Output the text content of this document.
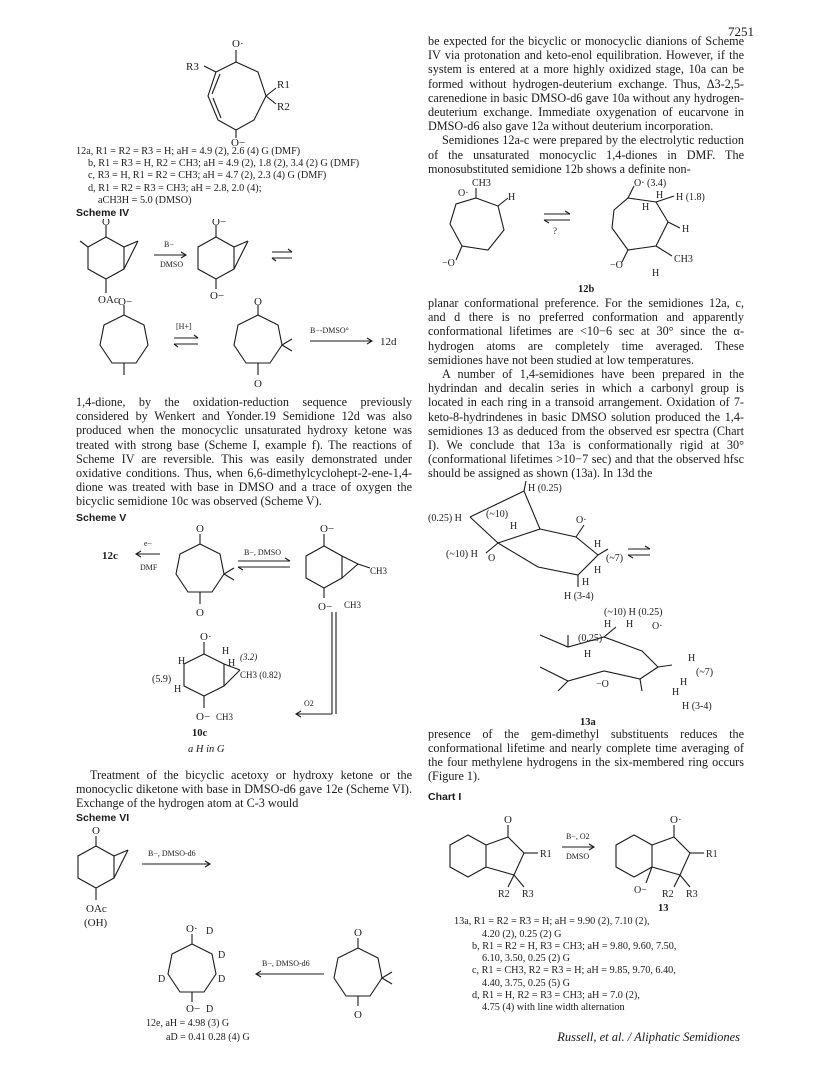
7251
O·
R3
R1
R2
O−
12a, R1 = R2 = R3 = H; aH = 4.9 (2), 2.6 (4) G (DMF)
b, R1 = R3 = H, R2 = CH3; aH = 4.9 (2), 1.8 (2), 3.4 (2) G (DMF)
c, R3 = H, R1 = R2 = CH3; aH = 4.7 (2), 2.3 (4) G (DMF)
d, R1 = R2 = R3 = CH3; aH = 2.8, 2.0 (4);
aCH3H = 5.0 (DMSO)

Scheme IV

O
B−
DMSO
O−
OAc	O−
[H+]	B−-DMSO°
O−	O
O
12d

1,4-dione, by the oxidation-reduction sequence previously considered by Wenkert and Yonder.19 Semidione 12d was also produced when the monocyclic unsaturated hydroxy ketone was treated with strong base (Scheme I, example f). The reactions of Scheme IV are reversible. This was easily demonstrated under oxidative conditions. Thus, when 6,6-dimethylcyclohept-2-ene-1,4-dione was treated with base in DMSO and a trace of oxygen the bicyclic semidione 10c was observed (Scheme V).

Scheme V

12c
e−
DMF
O
O
B−, DMSO
O−
CH3
O− CH3
O2
O·
H (3.2)
H
(5.9)
H
CH3 (0.82)
H
O− CH3
10c
a H in G

Treatment of the bicyclic acetoxy or hydroxy ketone or the monocyclic diketone with base in DMSO-d6 gave 12e (Scheme VI). Exchange of the hydrogen atom at C-3 would

Scheme VI

O
B−, DMSO-d6
OAc
(OH)	O· D
D
D
D
D
O−
B−, DMSO-d6
O
O
12e, aH = 4.98 (3) G
aD = 0.41 0.28 (4) G

be expected for the bicyclic or monocyclic dianions of Scheme IV via protonation and keto-enol equilibration. However, if the system is entered at a more highly oxidized stage, 10a can be formed without hydrogen-deuterium exchange. Thus, Δ3-2,5-carenedione in basic DMSO-d6 gave 10a without any hydrogen-deuterium exchange. Immediate oxygenation of eucarvone in DMSO-d6 also gave 12a without deuterium incorporation.

Semidiones 12a-c were prepared by the electrolytic reduction of the unsaturated monocyclic 1,4-diones in DMF. The monosubstituted semidione 12b shows a definite non-

CH3
O·	H
−O
?
O· (3.4)
H
H
H (1.8)
H
−O
CH3
H
12b

planar conformational preference. For the semidiones 12a, c, and d there is no preferred conformation and apparently conformational lifetimes are <10−6 sec at 30° since the α-hydrogen atoms are completely time averaged. These semidiones have not been studied at low temperatures.

A number of 1,4-semidiones have been prepared in the hydrindan and decalin series in which a carbonyl group is located in each ring in a transoid arrangement. Oxidation of 7-keto-8-hydrindenes in basic DMSO solution produced the 1,4-semidiones 13 as deduced from the observed esr spectra (Chart I). We conclude that 13a is conformationally rigid at 30° (conformational lifetimes >10−7 sec) and that the observed hfsc should be assigned as shown (13a). In 13d the

H (0.25)
O·
(0.25) H (~10)
H
H
(~7)
H
(~10) H O
H
H (3-4)
(~10) H (0.25)
H H O·
(0.25)
H	H
(~7)
H
−O
H
H (3-4)
13a

presence of the gem-dimethyl substituents reduces the conformational lifetime and nearly complete time averaging of the four methylene hydrogens in the six-membered ring occurs (Figure 1).

Chart I

O
R1
R2 R3
B−, O2
DMSO
O·
R1
O− R2 R3

13

13a, R1 = R2 = R3 = H; aH = 9.90 (2), 7.10 (2),
4.20 (2), 0.25 (2) G
b, R1 = R2 = H, R3 = CH3; aH = 9.80, 9.60, 7.50,
6.10, 3.50, 0.25 (2) G
c, R1 = CH3, R2 = R3 = H; aH = 9.85, 9.70, 6.40,
4.40, 3.75, 0.25 (5) G
d, R1 = H, R2 = R3 = CH3; aH = 7.0 (2),
4.75 (4) with line width alternation
Russell, et al. / Aliphatic Semidiones
